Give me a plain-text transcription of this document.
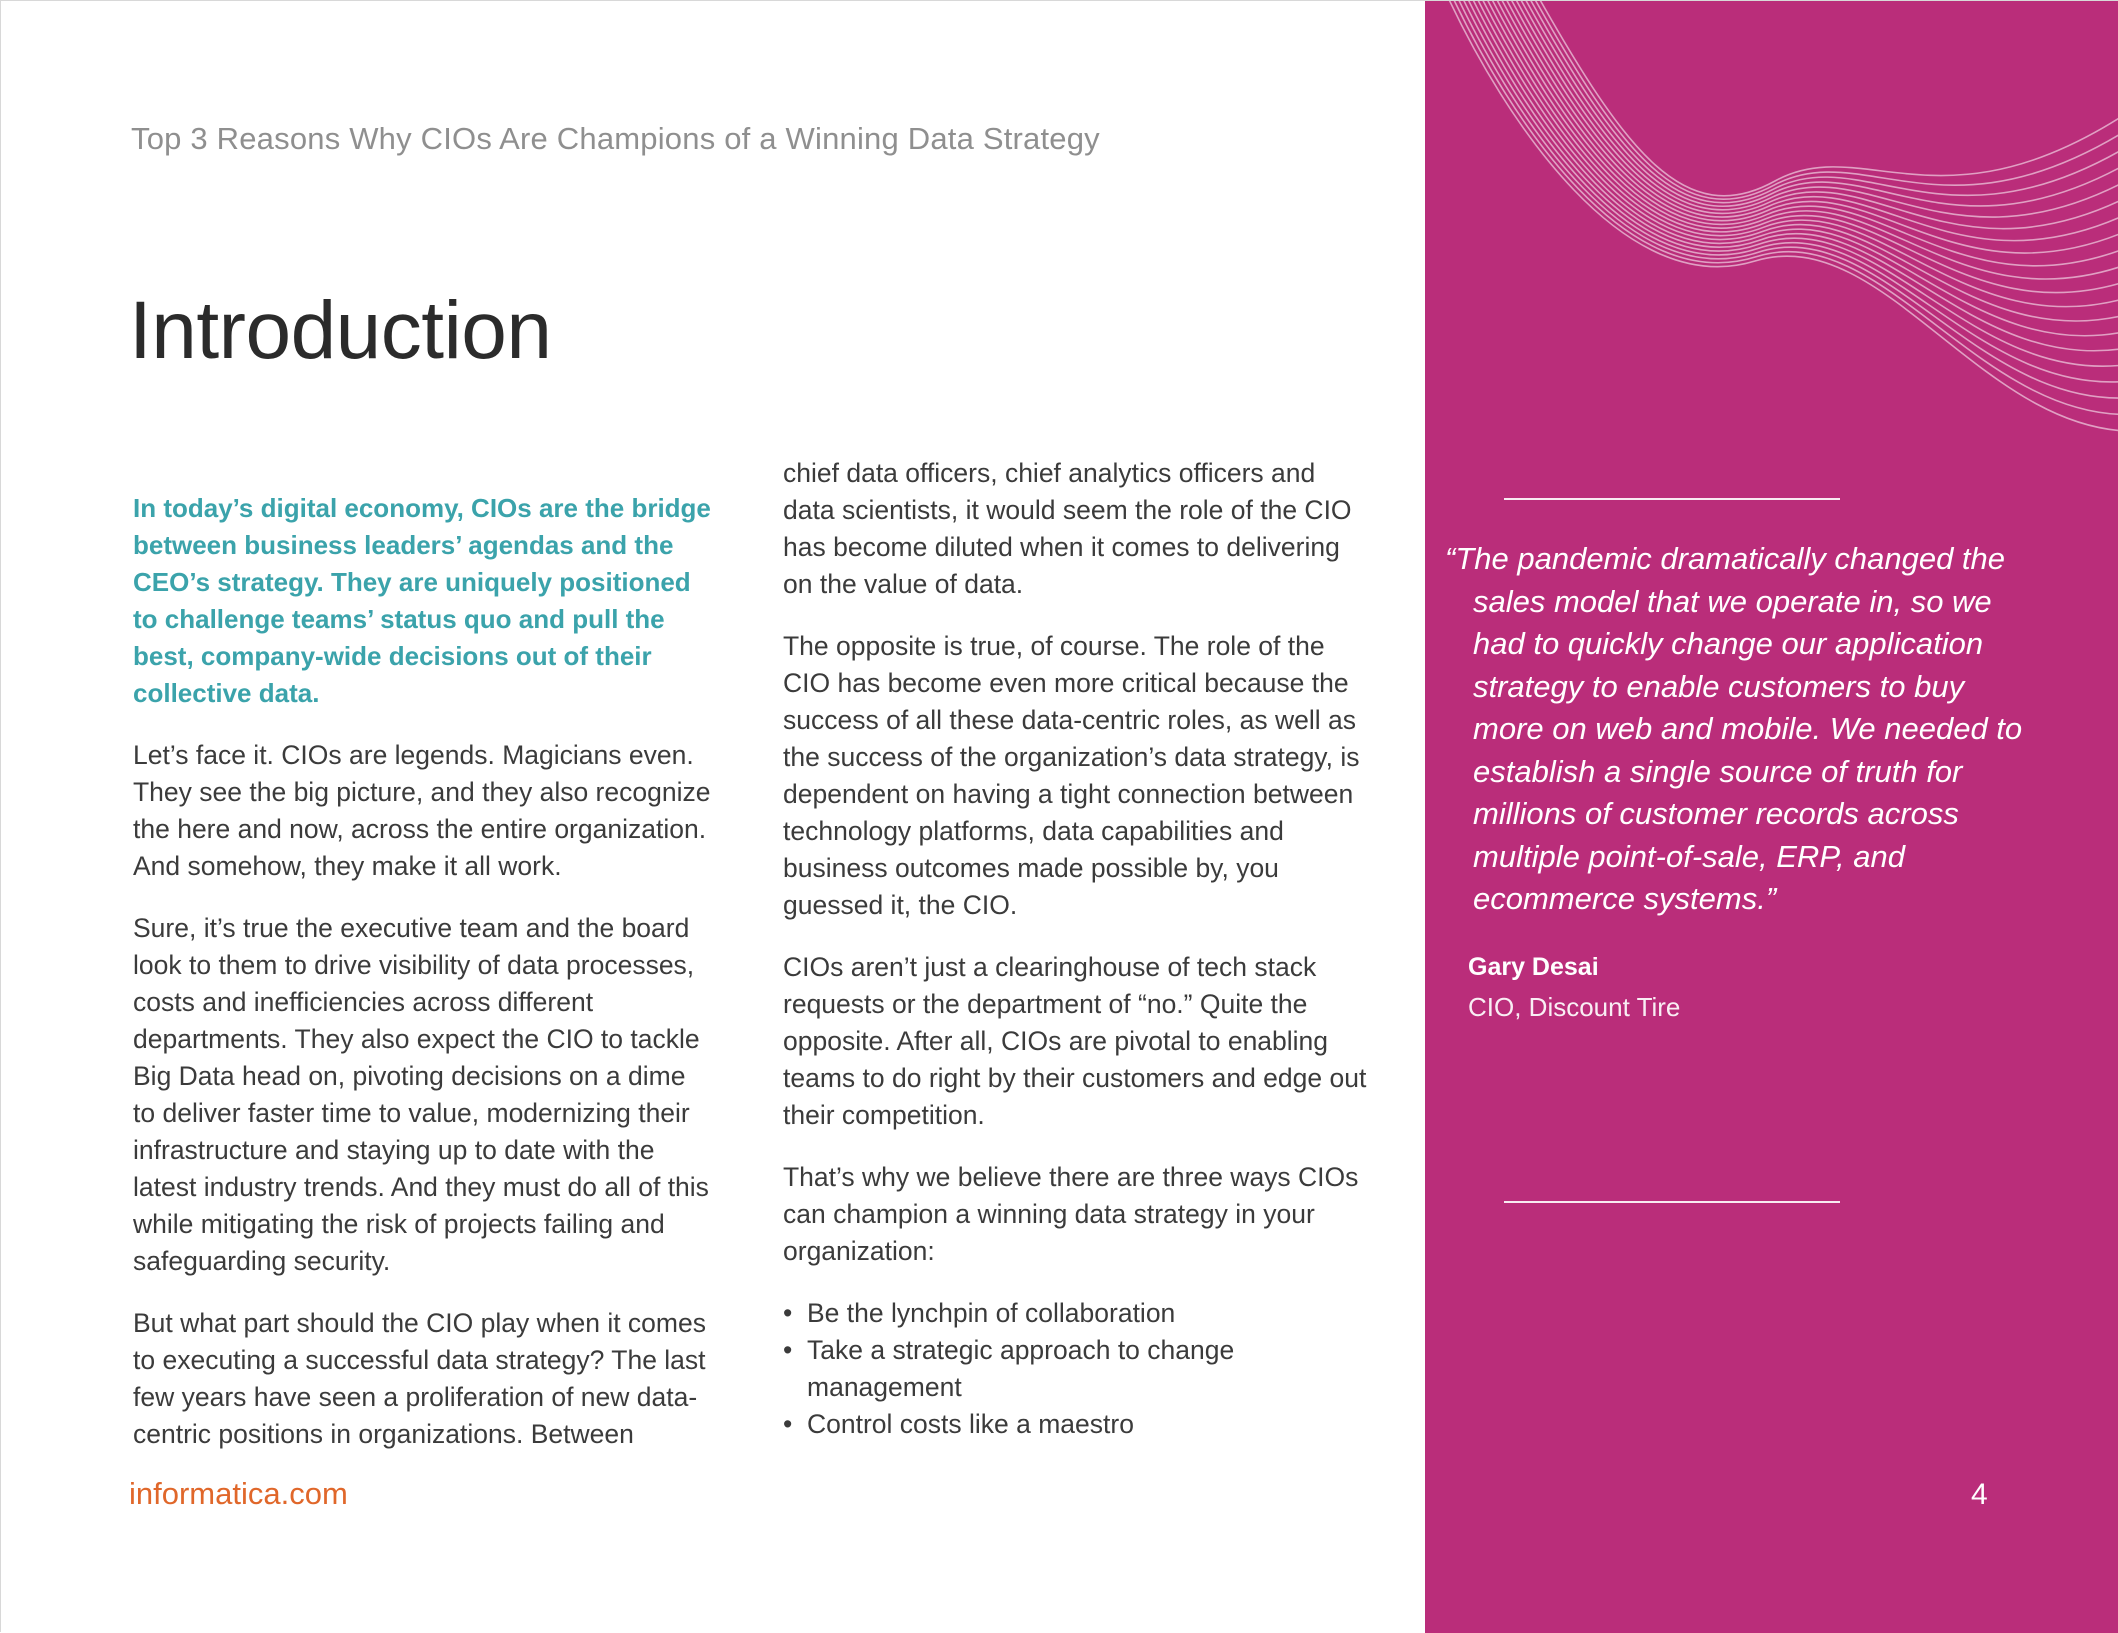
Top 3 Reasons Why CIOs Are Champions of a Winning Data Strategy
Introduction

In today’s digital economy, CIOs are the bridge between business leaders’ agendas and the CEO’s strategy. They are uniquely positioned to challenge teams’ status quo and pull the best, company-wide decisions out of their collective data.

Let’s face it. CIOs are legends. Magicians even. They see the big picture, and they also recognize the here and now, across the entire organization. And somehow, they make it all work.

Sure, it’s true the executive team and the board look to them to drive visibility of data processes, costs and inefficiencies across different departments. They also expect the CIO to tackle Big Data head on, pivoting decisions on a dime to deliver faster time to value, modernizing their infrastructure and staying up to date with the latest industry trends. And they must do all of this while mitigating the risk of projects failing and safeguarding security.

But what part should the CIO play when it comes to executing a successful data strategy? The last few years have seen a proliferation of new data-centric positions in organizations. Between

chief data officers, chief analytics officers and data scientists, it would seem the role of the CIO has become diluted when it comes to delivering on the value of data.

The opposite is true, of course. The role of the CIO has become even more critical because the success of all these data-centric roles, as well as the success of the organization’s data strategy, is dependent on having a tight connection between technology platforms, data capabilities and business outcomes made possible by, you guessed it, the CIO.

CIOs aren’t just a clearinghouse of tech stack requests or the department of “no.” Quite the opposite. After all, CIOs are pivotal to enabling teams to do right by their customers and edge out their competition.

That’s why we believe there are three ways CIOs can champion a winning data strategy in your organization:

• Be the lynchpin of collaboration
• Take a strategic approach to change management
• Control costs like a maestro
informatica.com
“The pandemic dramatically changed the sales model that we operate in, so we had to quickly change our application strategy to enable customers to buy more on web and mobile. We needed to establish a single source of truth for millions of customer records across multiple point-of-sale, ERP, and ecommerce systems.”
Gary Desai
CIO, Discount Tire
4
